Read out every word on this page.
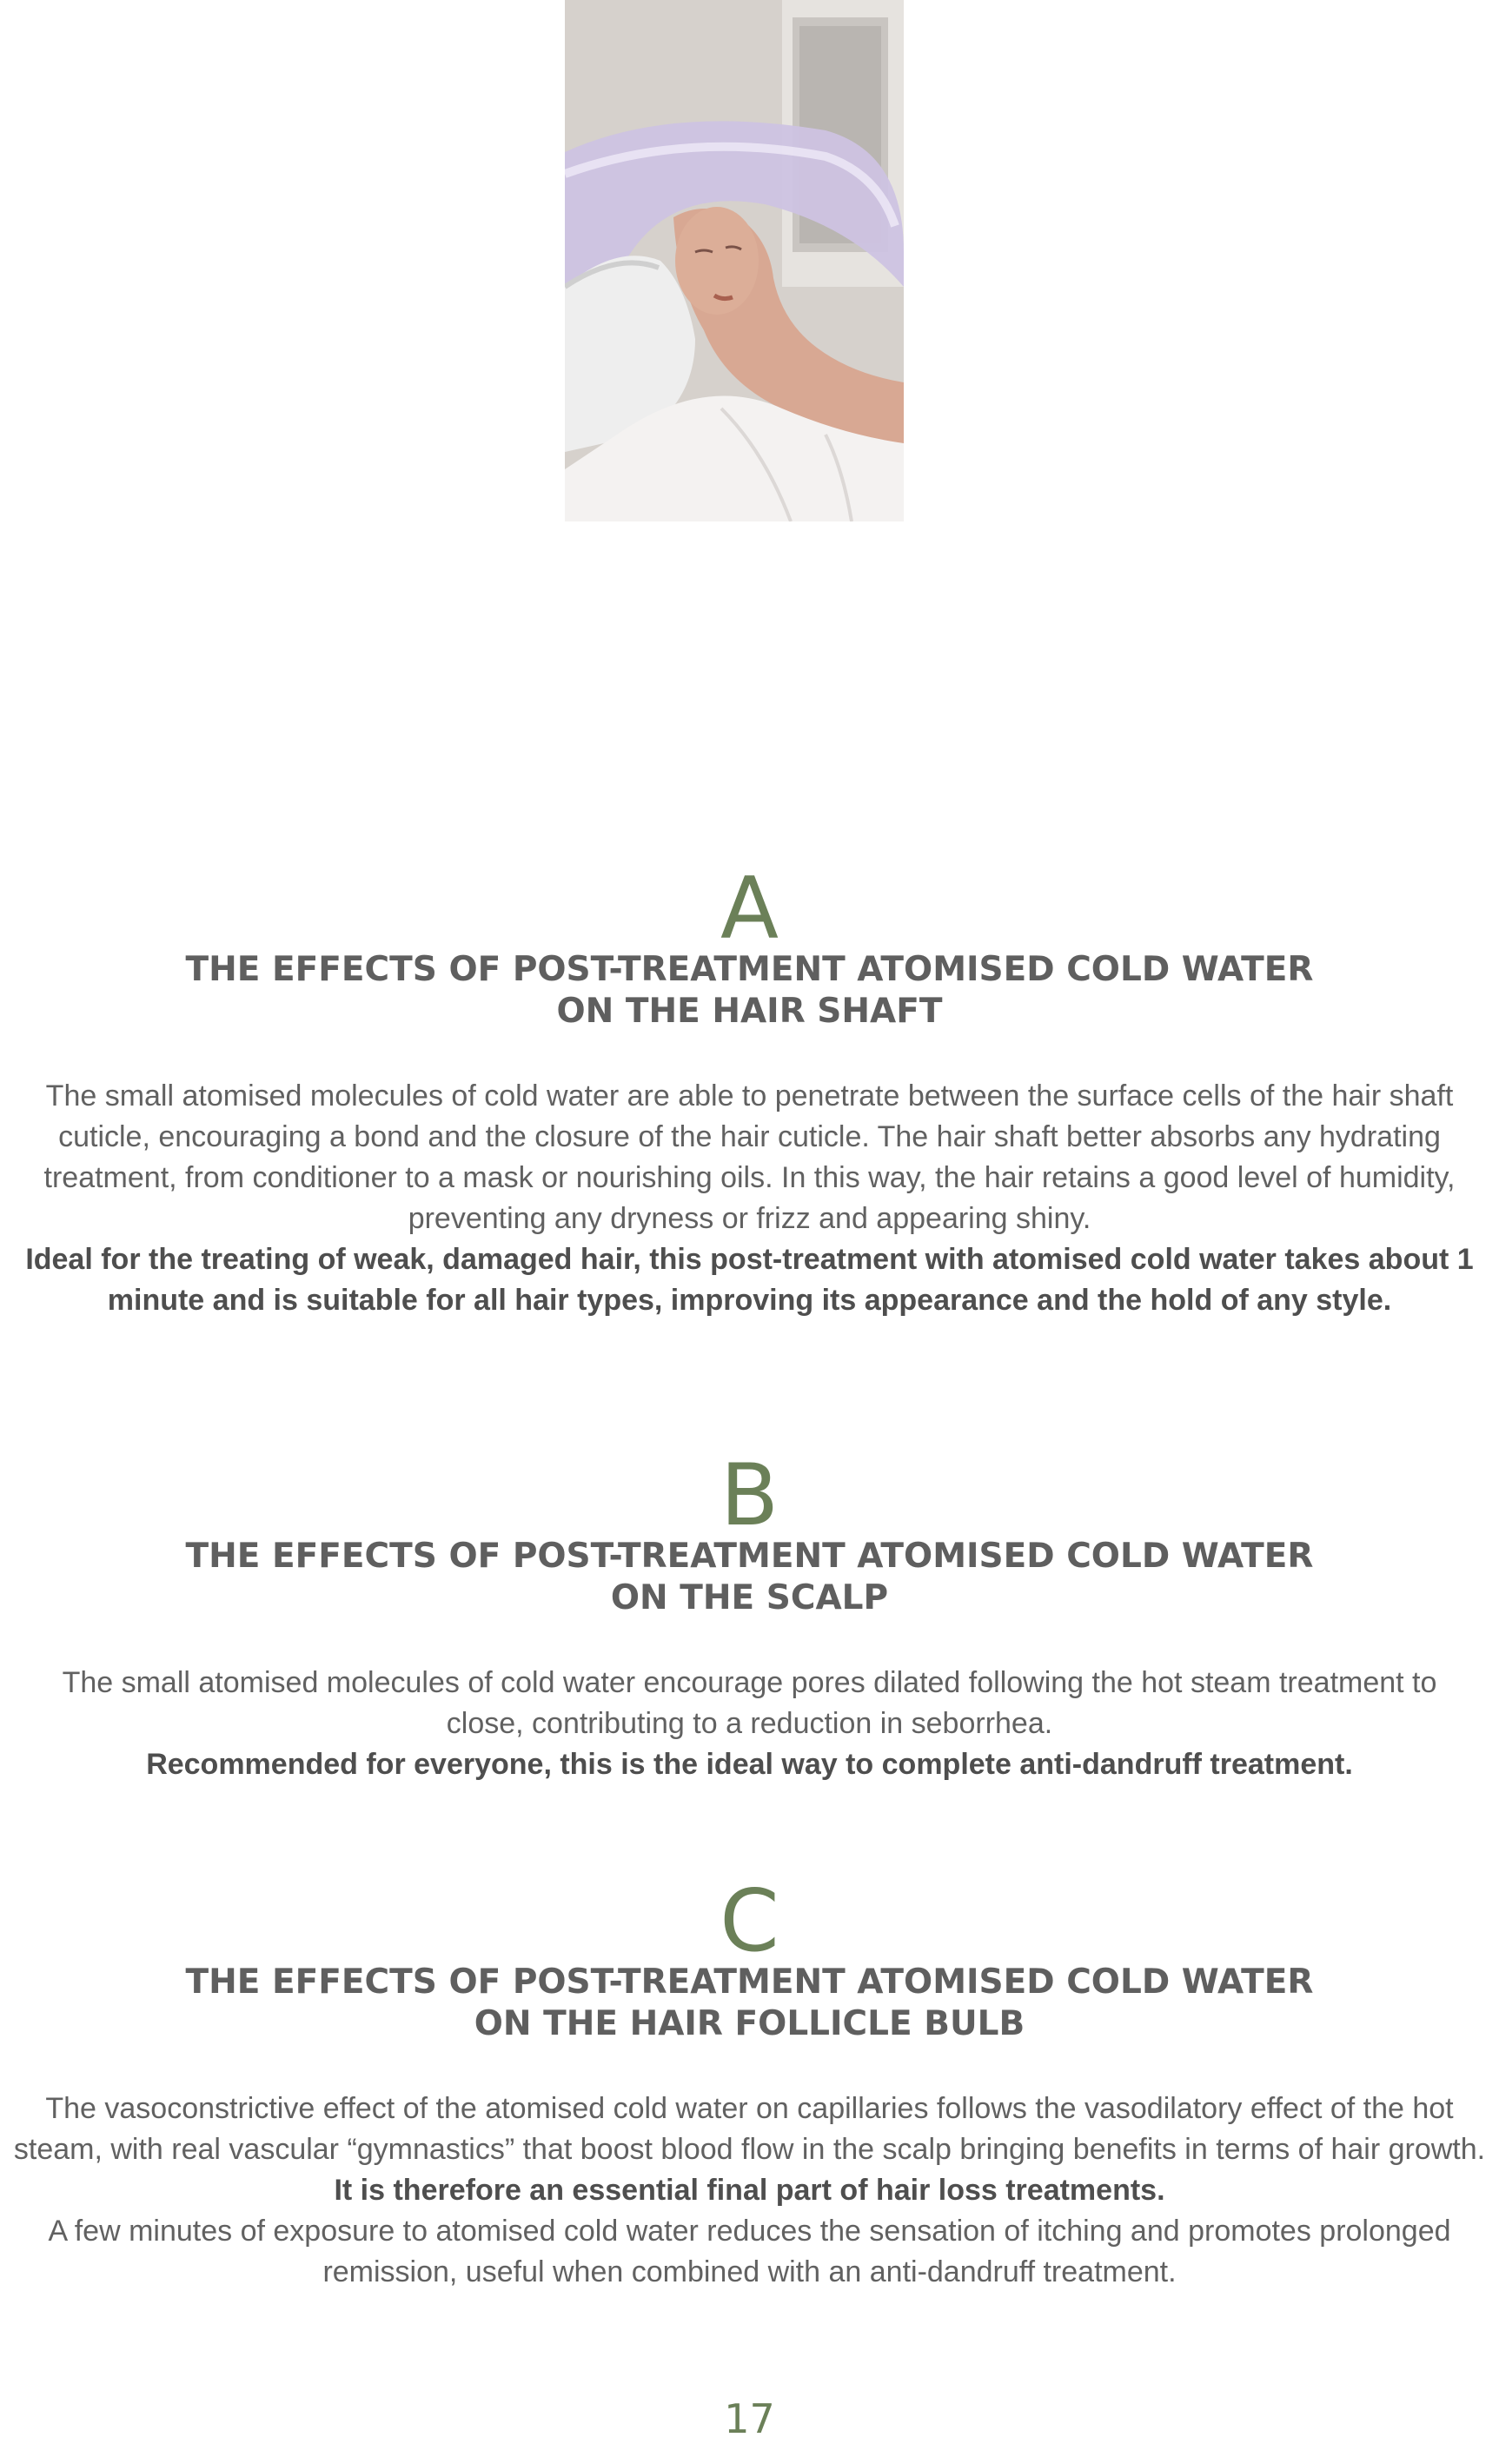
A
THE EFFECTS OF POST-TREATMENT ATOMISED COLD WATER
ON THE HAIR SHAFT

The small atomised molecules of cold water are able to penetrate between the surface cells of the hair shaft cuticle, encouraging a bond and the closure of the hair cuticle. The hair shaft better absorbs any hydrating treatment, from conditioner to a mask or nourishing oils. In this way, the hair retains a good level of humidity, preventing any dryness or frizz and appearing shiny.

Ideal for the treating of weak, damaged hair, this post-treatment with atomised cold water takes about 1 minute and is suitable for all hair types, improving its appearance and the hold of any style.

B
THE EFFECTS OF POST-TREATMENT ATOMISED COLD WATER
ON THE SCALP

The small atomised molecules of cold water encourage pores dilated following the hot steam treatment to close, contributing to a reduction in seborrhea.

Recommended for everyone, this is the ideal way to complete anti-dandruff treatment.

C
THE EFFECTS OF POST-TREATMENT ATOMISED COLD WATER
ON THE HAIR FOLLICLE BULB

The vasoconstrictive effect of the atomised cold water on capillaries follows the vasodilatory effect of the hot steam, with real vascular “gymnastics” that boost blood flow in the scalp bringing benefits in terms of hair growth.

It is therefore an essential final part of hair loss treatments.

A few minutes of exposure to atomised cold water reduces the sensation of itching and promotes prolonged remission, useful when combined with an anti-dandruff treatment.

17
